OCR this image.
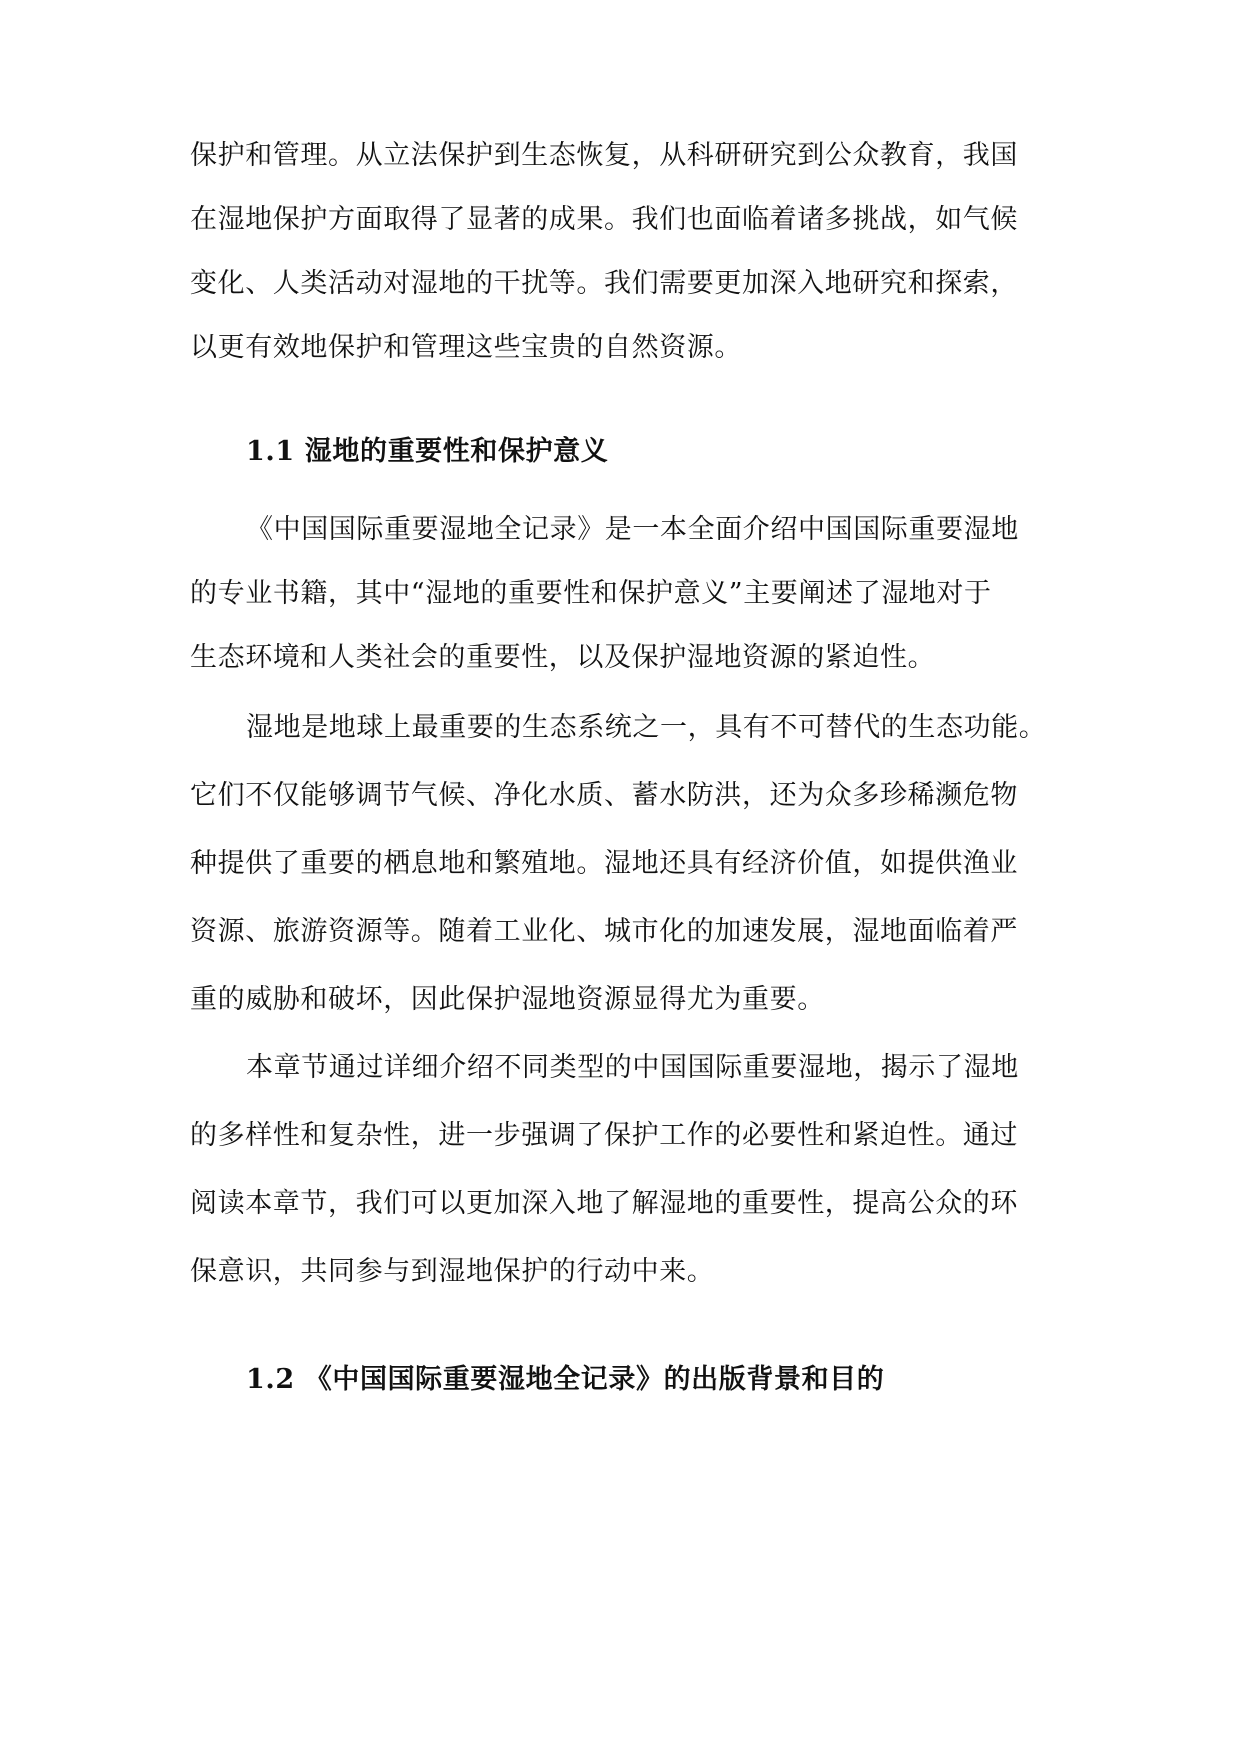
保护和管理。从立法保护到生态恢复，从科研研究到公众教育，我国
在湿地保护方面取得了显著的成果。我们也面临着诸多挑战，如气候
变化、人类活动对湿地的干扰等。我们需要更加深入地研究和探索，
以更有效地保护和管理这些宝贵的自然资源。
1.1 湿地的重要性和保护意义
《中国国际重要湿地全记录》是一本全面介绍中国国际重要湿地
的专业书籍，其中“湿地的重要性和保护意义”主要阐述了湿地对于
生态环境和人类社会的重要性，以及保护湿地资源的紧迫性。
湿地是地球上最重要的生态系统之一，具有不可替代的生态功能。
它们不仅能够调节气候、净化水质、蓄水防洪，还为众多珍稀濒危物
种提供了重要的栖息地和繁殖地。湿地还具有经济价值，如提供渔业
资源、旅游资源等。随着工业化、城市化的加速发展，湿地面临着严
重的威胁和破坏，因此保护湿地资源显得尤为重要。
本章节通过详细介绍不同类型的中国国际重要湿地，揭示了湿地
的多样性和复杂性，进一步强调了保护工作的必要性和紧迫性。通过
阅读本章节，我们可以更加深入地了解湿地的重要性，提高公众的环
保意识，共同参与到湿地保护的行动中来。
1.2 《中国国际重要湿地全记录》的出版背景和目的
